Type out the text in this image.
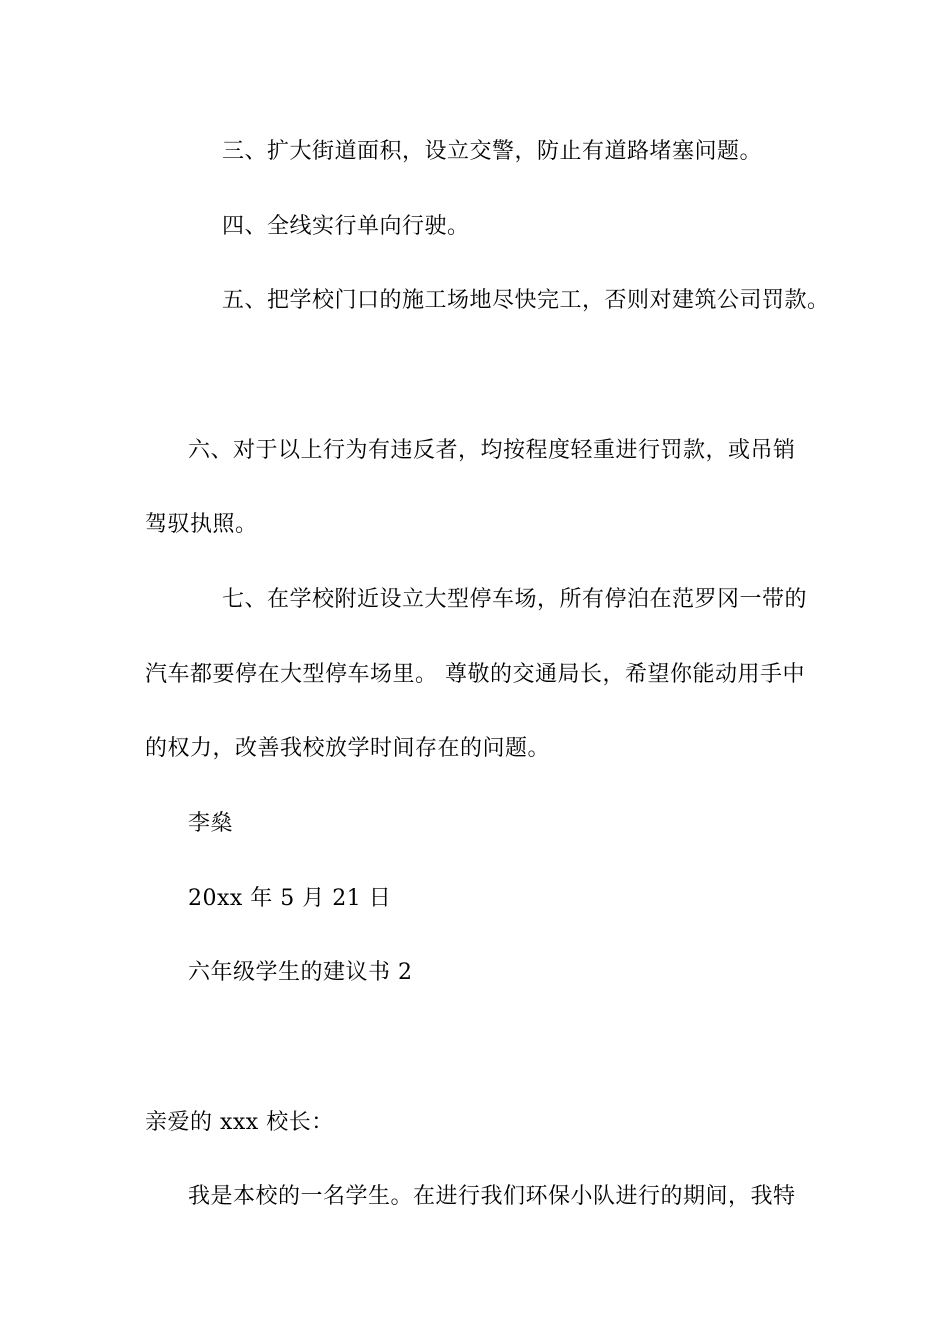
三、扩大街道面积，设立交警，防止有道路堵塞问题。
四、全线实行单向行驶。
五、把学校门口的施工场地尽快完工，否则对建筑公司罚款。
六、对于以上行为有违反者，均按程度轻重进行罚款，或吊销
驾驭执照。
七、在学校附近设立大型停车场，所有停泊在范罗冈一带的
汽车都要停在大型停车场里。 尊敬的交通局长，希望你能动用手中
的权力，改善我校放学时间存在的问题。
李燊
20xx 年 5 月 21 日
六年级学生的建议书 2
亲爱的 xxx 校长：
我是本校的一名学生。在进行我们环保小队进行的期间，我特
